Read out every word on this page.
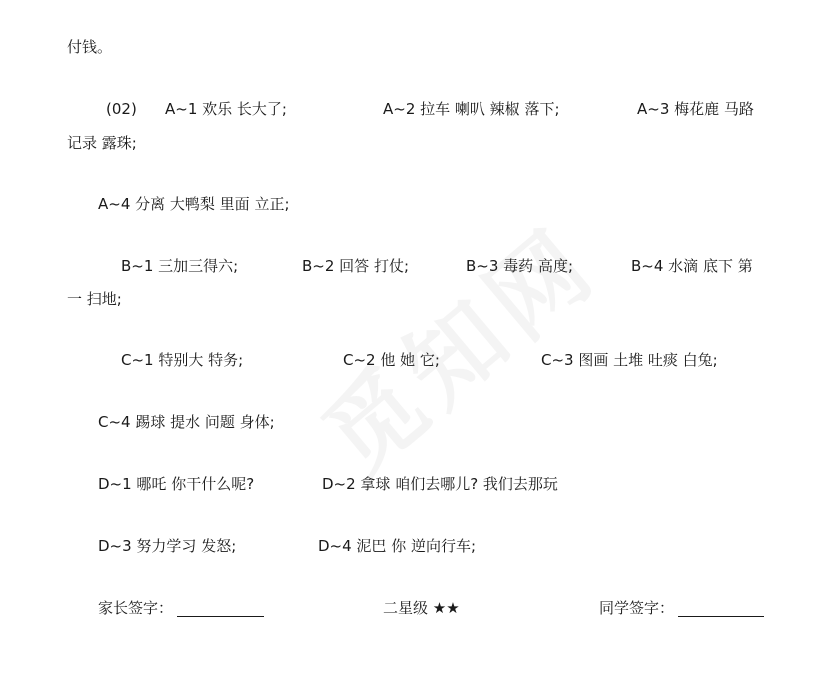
付钱。
(02) A~1 欢乐 长大了;	A~2 拉车 喇叭 辣椒 落下;	A~3 梅花鹿 马路
记录 露珠;
A~4 分离 大鸭梨 里面 立正;
B~1 三加三得六;	B~2 回答 打仗;	B~3 毒药 高度;	B~4 水滴 底下 第
一 扫地;
C~1 特别大 特务;	C~2 他 她 它;	C~3 图画 土堆 吐痰 白兔;
C~4 踢球 提水 问题 身体;
D~1 哪吒 你干什么呢?	D~2 拿球 咱们去哪儿? 我们去那玩
D~3 努力学习 发怒;	D~4 泥巴 你 逆向行车;
家长签字：	二星级 ★★	同学签字：
